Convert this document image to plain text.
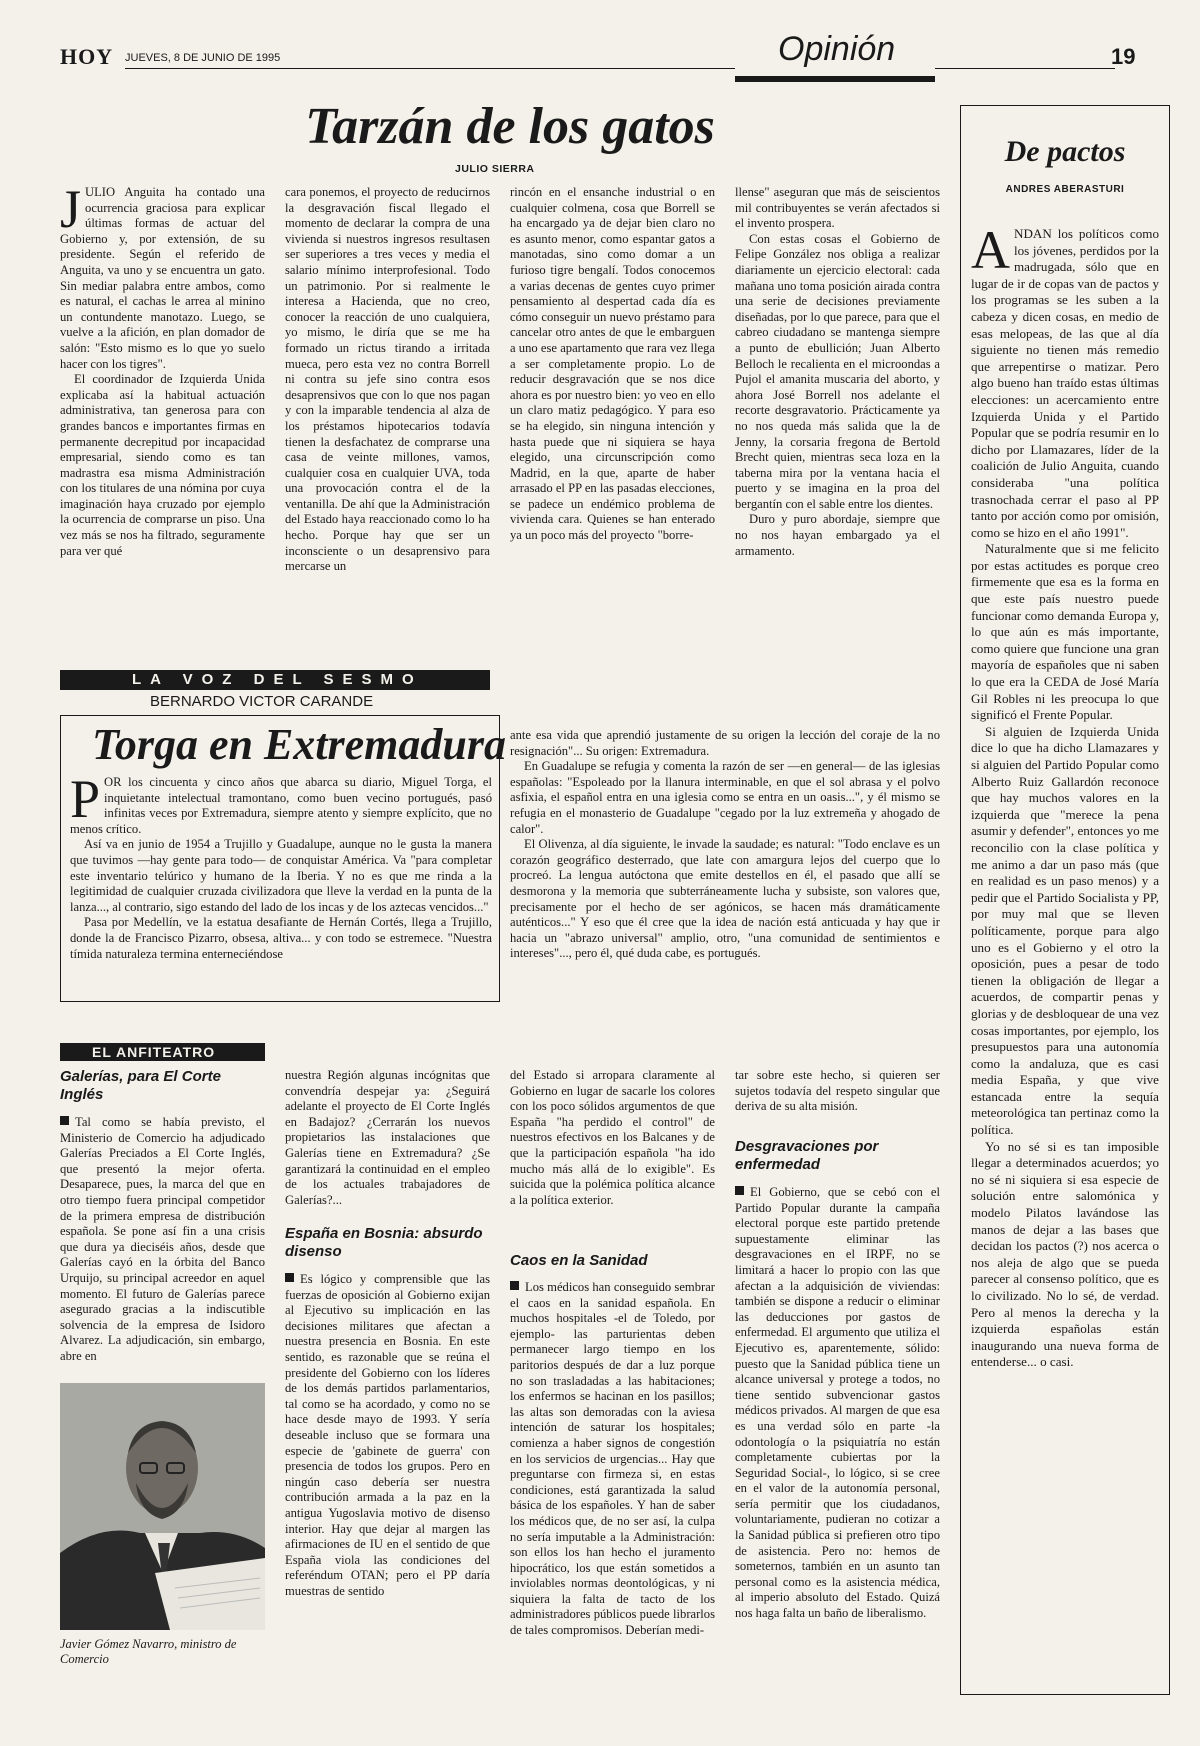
HOY JUEVES, 8 DE JUNIO DE 1995	Opinión	19
Tarzán de los gatos
JULIO SIERRA

JULIO Anguita ha contado una ocurrencia graciosa para explicar últimas formas de actuar del Gobierno y, por extensión, de su presidente. Según el referido de Anguita, va uno y se encuentra un gato. Sin mediar palabra entre ambos, como es natural, el cachas le arrea al minino un contundente manotazo. Luego, se vuelve a la afición, en plan domador de salón: "Esto mismo es lo que yo suelo hacer con los tigres".

El coordinador de Izquierda Unida explicaba así la habitual actuación administrativa, tan generosa para con grandes bancos e importantes firmas en permanente decrepitud por incapacidad empresarial, siendo como es tan madrastra esa misma Administración con los titulares de una nómina por cuya imaginación haya cruzado por ejemplo la ocurrencia de comprarse un piso. Una vez más se nos ha filtrado, seguramente para ver qué

cara ponemos, el proyecto de reducirnos la desgravación fiscal llegado el momento de declarar la compra de una vivienda si nuestros ingresos resultasen ser superiores a tres veces y media el salario mínimo interprofesional. Todo un patrimonio. Por si realmente le interesa a Hacienda, que no creo, conocer la reacción de uno cualquiera, yo mismo, le diría que se me ha formado un rictus tirando a irritada mueca, pero esta vez no contra Borrell ni contra su jefe sino contra esos desaprensivos que con lo que nos pagan y con la imparable tendencia al alza de los préstamos hipotecarios todavía tienen la desfachatez de comprarse una casa de veinte millones, vamos, cualquier cosa en cualquier UVA, toda una provocación contra el de la ventanilla. De ahí que la Administración del Estado haya reaccionado como lo ha hecho. Porque hay que ser un inconsciente o un desaprensivo para mercarse un

rincón en el ensanche industrial o en cualquier colmena, cosa que Borrell se ha encargado ya de dejar bien claro no es asunto menor, como espantar gatos a manotadas, sino como domar a un furioso tigre bengalí. Todos conocemos a varias decenas de gentes cuyo primer pensamiento al despertad cada día es cómo conseguir un nuevo préstamo para cancelar otro antes de que le embarguen a uno ese apartamento que rara vez llega a ser completamente propio. Lo de reducir desgravación que se nos dice ahora es por nuestro bien: yo veo en ello un claro matiz pedagógico. Y para eso se ha elegido, sin ninguna intención y hasta puede que ni siquiera se haya elegido, una circunscripción como Madrid, en la que, aparte de haber arrasado el PP en las pasadas elecciones, se padece un endémico problema de vivienda cara. Quienes se han enterado ya un poco más del proyecto "borre-

llense" aseguran que más de seiscientos mil contribuyentes se verán afectados si el invento prospera.

Con estas cosas el Gobierno de Felipe González nos obliga a realizar diariamente un ejercicio electoral: cada mañana uno toma posición airada contra una serie de decisiones previamente diseñadas, por lo que parece, para que el cabreo ciudadano se mantenga siempre a punto de ebullición; Juan Alberto Belloch le recalienta en el microondas a Pujol el amanita muscaria del aborto, y ahora José Borrell nos adelante el recorte desgravatorio. Prácticamente ya no nos queda más salida que la de Jenny, la corsaria fregona de Bertold Brecht quien, mientras seca loza en la taberna mira por la ventana hacia el puerto y se imagina en la proa del bergantín con el sable entre los dientes.

Duro y puro abordaje, siempre que no nos hayan embargado ya el armamento.

De pactos
ANDRES ABERASTURI

ANDAN los políticos como los jóvenes, perdidos por la madrugada, sólo que en lugar de ir de copas van de pactos y los programas se les suben a la cabeza y dicen cosas, en medio de esas melopeas, de las que al día siguiente no tienen más remedio que arrepentirse o matizar. Pero algo bueno han traído estas últimas elecciones: un acercamiento entre Izquierda Unida y el Partido Popular que se podría resumir en lo dicho por Llamazares, líder de la coalición de Julio Anguita, cuando consideraba "una política trasnochada cerrar el paso al PP tanto por acción como por omisión, como se hizo en el año 1991".

Naturalmente que si me felicito por estas actitudes es porque creo firmemente que esa es la forma en que este país nuestro puede funcionar como demanda Europa y, lo que aún es más importante, como quiere que funcione una gran mayoría de españoles que ni saben lo que era la CEDA de José María Gil Robles ni les preocupa lo que significó el Frente Popular.

Si alguien de Izquierda Unida dice lo que ha dicho Llamazares y si alguien del Partido Popular como Alberto Ruiz Gallardón reconoce que hay muchos valores en la izquierda que "merece la pena asumir y defender", entonces yo me reconcilio con la clase política y me animo a dar un paso más (que en realidad es un paso menos) y a pedir que el Partido Socialista y PP, por muy mal que se lleven políticamente, porque para algo uno es el Gobierno y el otro la oposición, pues a pesar de todo tienen la obligación de llegar a acuerdos, de compartir penas y glorias y de desbloquear de una vez cosas importantes, por ejemplo, los presupuestos para una autonomía como la andaluza, que es casi media España, y que vive estancada entre la sequía meteorológica tan pertinaz como la política.

Yo no sé si es tan imposible llegar a determinados acuerdos; yo no sé ni siquiera si esa especie de solución entre salomónica y modelo Pilatos lavándose las manos de dejar a las bases que decidan los pactos (?) nos acerca o nos aleja de algo que se pueda parecer al consenso político, que es lo civilizado. No lo sé, de verdad. Pero al menos la derecha y la izquierda españolas están inaugurando una nueva forma de entenderse... o casi.

LA VOZ DEL SESMO
BERNARDO VICTOR CARANDE
Torga en Extremadura

POR los cincuenta y cinco años que abarca su diario, Miguel Torga, el inquietante intelectual tramontano, como buen vecino portugués, pasó infinitas veces por Extremadura, siempre atento y siempre explícito, que no menos crítico.

Así va en junio de 1954 a Trujillo y Guadalupe, aunque no le gusta la manera que tuvimos —hay gente para todo— de conquistar América. Va "para completar este inventario telúrico y humano de la Iberia. Y no es que me rinda a la legitimidad de cualquier cruzada civilizadora que lleve la verdad en la punta de la lanza..., al contrario, sigo estando del lado de los incas y de los aztecas vencidos..."

Pasa por Medellín, ve la estatua desafiante de Hernán Cortés, llega a Trujillo, donde la de Francisco Pizarro, obsesa, altiva... y con todo se estremece. "Nuestra tímida naturaleza termina enterneciéndose

ante esa vida que aprendió justamente de su origen la lección del coraje de la no resignación"... Su origen: Extremadura.

En Guadalupe se refugia y comenta la razón de ser —en general— de las iglesias españolas: "Espoleado por la llanura interminable, en que el sol abrasa y el polvo asfixia, el español entra en una iglesia como se entra en un oasis...", y él mismo se refugia en el monasterio de Guadalupe "cegado por la luz extremeña y ahogado de calor".

El Olivenza, al día siguiente, le invade la saudade; es natural: "Todo enclave es un corazón geográfico desterrado, que late con amargura lejos del cuerpo que lo procreó. La lengua autóctona que emite destellos en él, el pasado que allí se desmorona y la memoria que subterráneamente lucha y subsiste, son valores que, precisamente por el hecho de ser agónicos, se hacen más dramáticamente auténticos..." Y eso que él cree que la idea de nación está anticuada y hay que ir hacia un "abrazo universal" amplio, otro, "una comunidad de sentimientos e intereses"..., pero él, qué duda cabe, es portugués.

EL ANFITEATRO
Galerías, para El Corte Inglés

Tal como se había previsto, el Ministerio de Comercio ha adjudicado Galerías Preciados a El Corte Inglés, que presentó la mejor oferta. Desaparece, pues, la marca del que en otro tiempo fuera principal competidor de la primera empresa de distribución española. Se pone así fin a una crisis que dura ya dieciséis años, desde que Galerías cayó en la órbita del Banco Urquijo, su principal acreedor en aquel momento. El futuro de Galerías parece asegurado gracias a la indiscutible solvencia de la empresa de Isidoro Alvarez. La adjudicación, sin embargo, abre en

Javier Gómez Navarro, ministro de Comercio

nuestra Región algunas incógnitas que convendría despejar ya: ¿Seguirá adelante el proyecto de El Corte Inglés en Badajoz? ¿Cerrarán los nuevos propietarios las instalaciones que Galerías tiene en Extremadura? ¿Se garantizará la continuidad en el empleo de los actuales trabajadores de Galerías?...

España en Bosnia: absurdo disenso

Es lógico y comprensible que las fuerzas de oposición al Gobierno exijan al Ejecutivo su implicación en las decisiones militares que afectan a nuestra presencia en Bosnia. En este sentido, es razonable que se reúna el presidente del Gobierno con los líderes de los demás partidos parlamentarios, tal como se ha acordado, y como no se hace desde mayo de 1993. Y sería deseable incluso que se formara una especie de 'gabinete de guerra' con presencia de todos los grupos. Pero en ningún caso debería ser nuestra contribución armada a la paz en la antigua Yugoslavia motivo de disenso interior. Hay que dejar al margen las afirmaciones de IU en el sentido de que España viola las condiciones del referéndum OTAN; pero el PP daría muestras de sentido

del Estado si arropara claramente al Gobierno en lugar de sacarle los colores con los poco sólidos argumentos de que España "ha perdido el control" de nuestros efectivos en los Balcanes y de que la participación española "ha ido mucho más allá de lo exigible". Es suicida que la polémica política alcance a la política exterior.

Caos en la Sanidad

Los médicos han conseguido sembrar el caos en la sanidad española. En muchos hospitales -el de Toledo, por ejemplo- las parturientas deben permanecer largo tiempo en los paritorios después de dar a luz porque no son trasladadas a las habitaciones; los enfermos se hacinan en los pasillos; las altas son demoradas con la aviesa intención de saturar los hospitales; comienza a haber signos de congestión en los servicios de urgencias... Hay que preguntarse con firmeza si, en estas condiciones, está garantizada la salud básica de los españoles. Y han de saber los médicos que, de no ser así, la culpa no sería imputable a la Administración: son ellos los han hecho el juramento hipocrático, los que están sometidos a inviolables normas deontológicas, y ni siquiera la falta de tacto de los administradores públicos puede librarlos de tales compromisos. Deberían medi-

tar sobre este hecho, si quieren ser sujetos todavía del respeto singular que deriva de su alta misión.

Desgravaciones por enfermedad

El Gobierno, que se cebó con el Partido Popular durante la campaña electoral porque este partido pretende supuestamente eliminar las desgravaciones en el IRPF, no se limitará a hacer lo propio con las que afectan a la adquisición de viviendas: también se dispone a reducir o eliminar las deducciones por gastos de enfermedad. El argumento que utiliza el Ejecutivo es, aparentemente, sólido: puesto que la Sanidad pública tiene un alcance universal y protege a todos, no tiene sentido subvencionar gastos médicos privados. Al margen de que esa es una verdad sólo en parte -la odontología o la psiquiatría no están completamente cubiertas por la Seguridad Social-, lo lógico, si se cree en el valor de la autonomía personal, sería permitir que los ciudadanos, voluntariamente, pudieran no cotizar a la Sanidad pública si prefieren otro tipo de asistencia. Pero no: hemos de someternos, también en un asunto tan personal como es la asistencia médica, al imperio absoluto del Estado. Quizá nos haga falta un baño de liberalismo.
